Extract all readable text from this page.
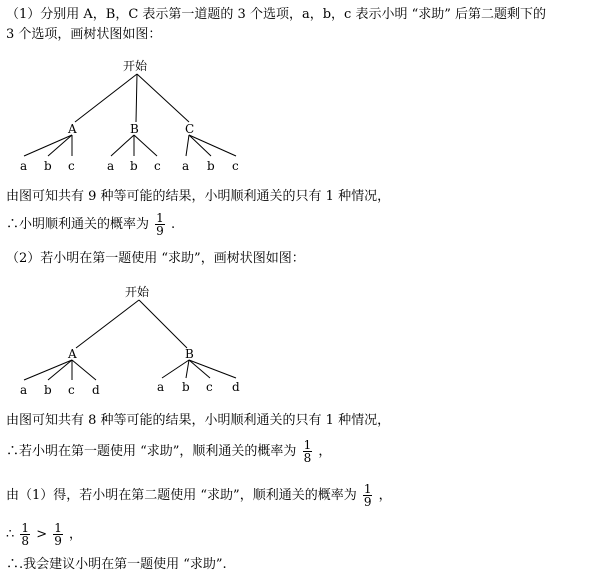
（1）分别用 A，B，C 表示第一道题的 3 个选项，a，b，c 表示小明 “求助” 后第二题剩下的
3 个选项，画树状图如图：
开始
A	B	C
a b c	a b c a b c
由图可知共有 9 种等可能的结果，小明顺利通关的只有 1 种情况，
∴小明顺利通关的概率为 $\frac{1}{9}$ .
（2）若小明在第一题使用 “求助”，画树状图如图：
开始
A	B
a b c d	a b c d
由图可知共有 8 种等可能的结果，小明顺利通关的只有 1 种情况，
∴若小明在第一题使用 “求助”，顺利通关的概率为 $\frac{1}{8}$ ，
由（1）得，若小明在第二题使用 “求助”，顺利通关的概率为 $\frac{1}{9}$ ，
∴ $\frac{1}{8} > \frac{1}{9}$ ，
∴.我会建议小明在第一题使用 “求助”.
